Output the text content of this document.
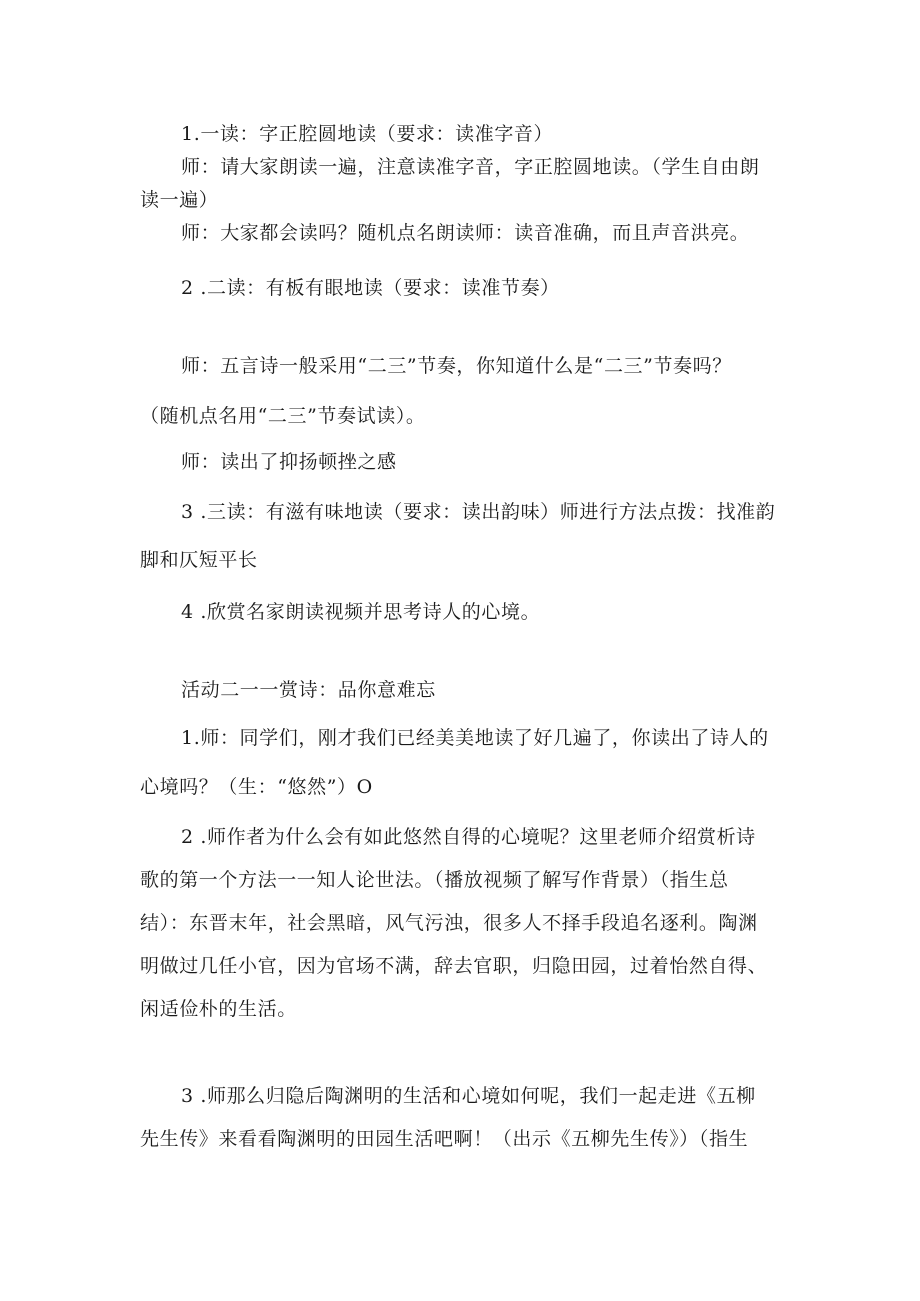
1.一读：字正腔圆地读（要求：读准字音）

师：请大家朗读一遍，注意读准字音，字正腔圆地读。（学生自由朗
读一遍）

师：大家都会读吗？随机点名朗读师：读音准确，而且声音洪亮。

2 .二读：有板有眼地读（要求：读准节奏）

师：五言诗一般采用“二三”节奏，你知道什么是“二三”节奏吗？
（随机点名用“二三”节奏试读）。

师：读出了抑扬顿挫之感

3 .三读：有滋有味地读（要求：读出韵味）师进行方法点拨：找准韵
脚和仄短平长

4 .欣赏名家朗读视频并思考诗人的心境。

活动二一一赏诗：品你意难忘

1.师：同学们，刚才我们已经美美地读了好几遍了，你读出了诗人的
心境吗？（生：“悠然”）O

2 .师作者为什么会有如此悠然自得的心境呢？这里老师介绍赏析诗
歌的第一个方法一一知人论世法。（播放视频了解写作背景）（指生总
结）：东晋末年，社会黑暗，风气污浊，很多人不择手段追名逐利。陶渊
明做过几任小官，因为官场不满，辞去官职，归隐田园，过着怡然自得、
闲适俭朴的生活。

3 .师那么归隐后陶渊明的生活和心境如何呢，我们一起走进《五柳
先生传》来看看陶渊明的田园生活吧啊！（出示《五柳先生传》）（指生
